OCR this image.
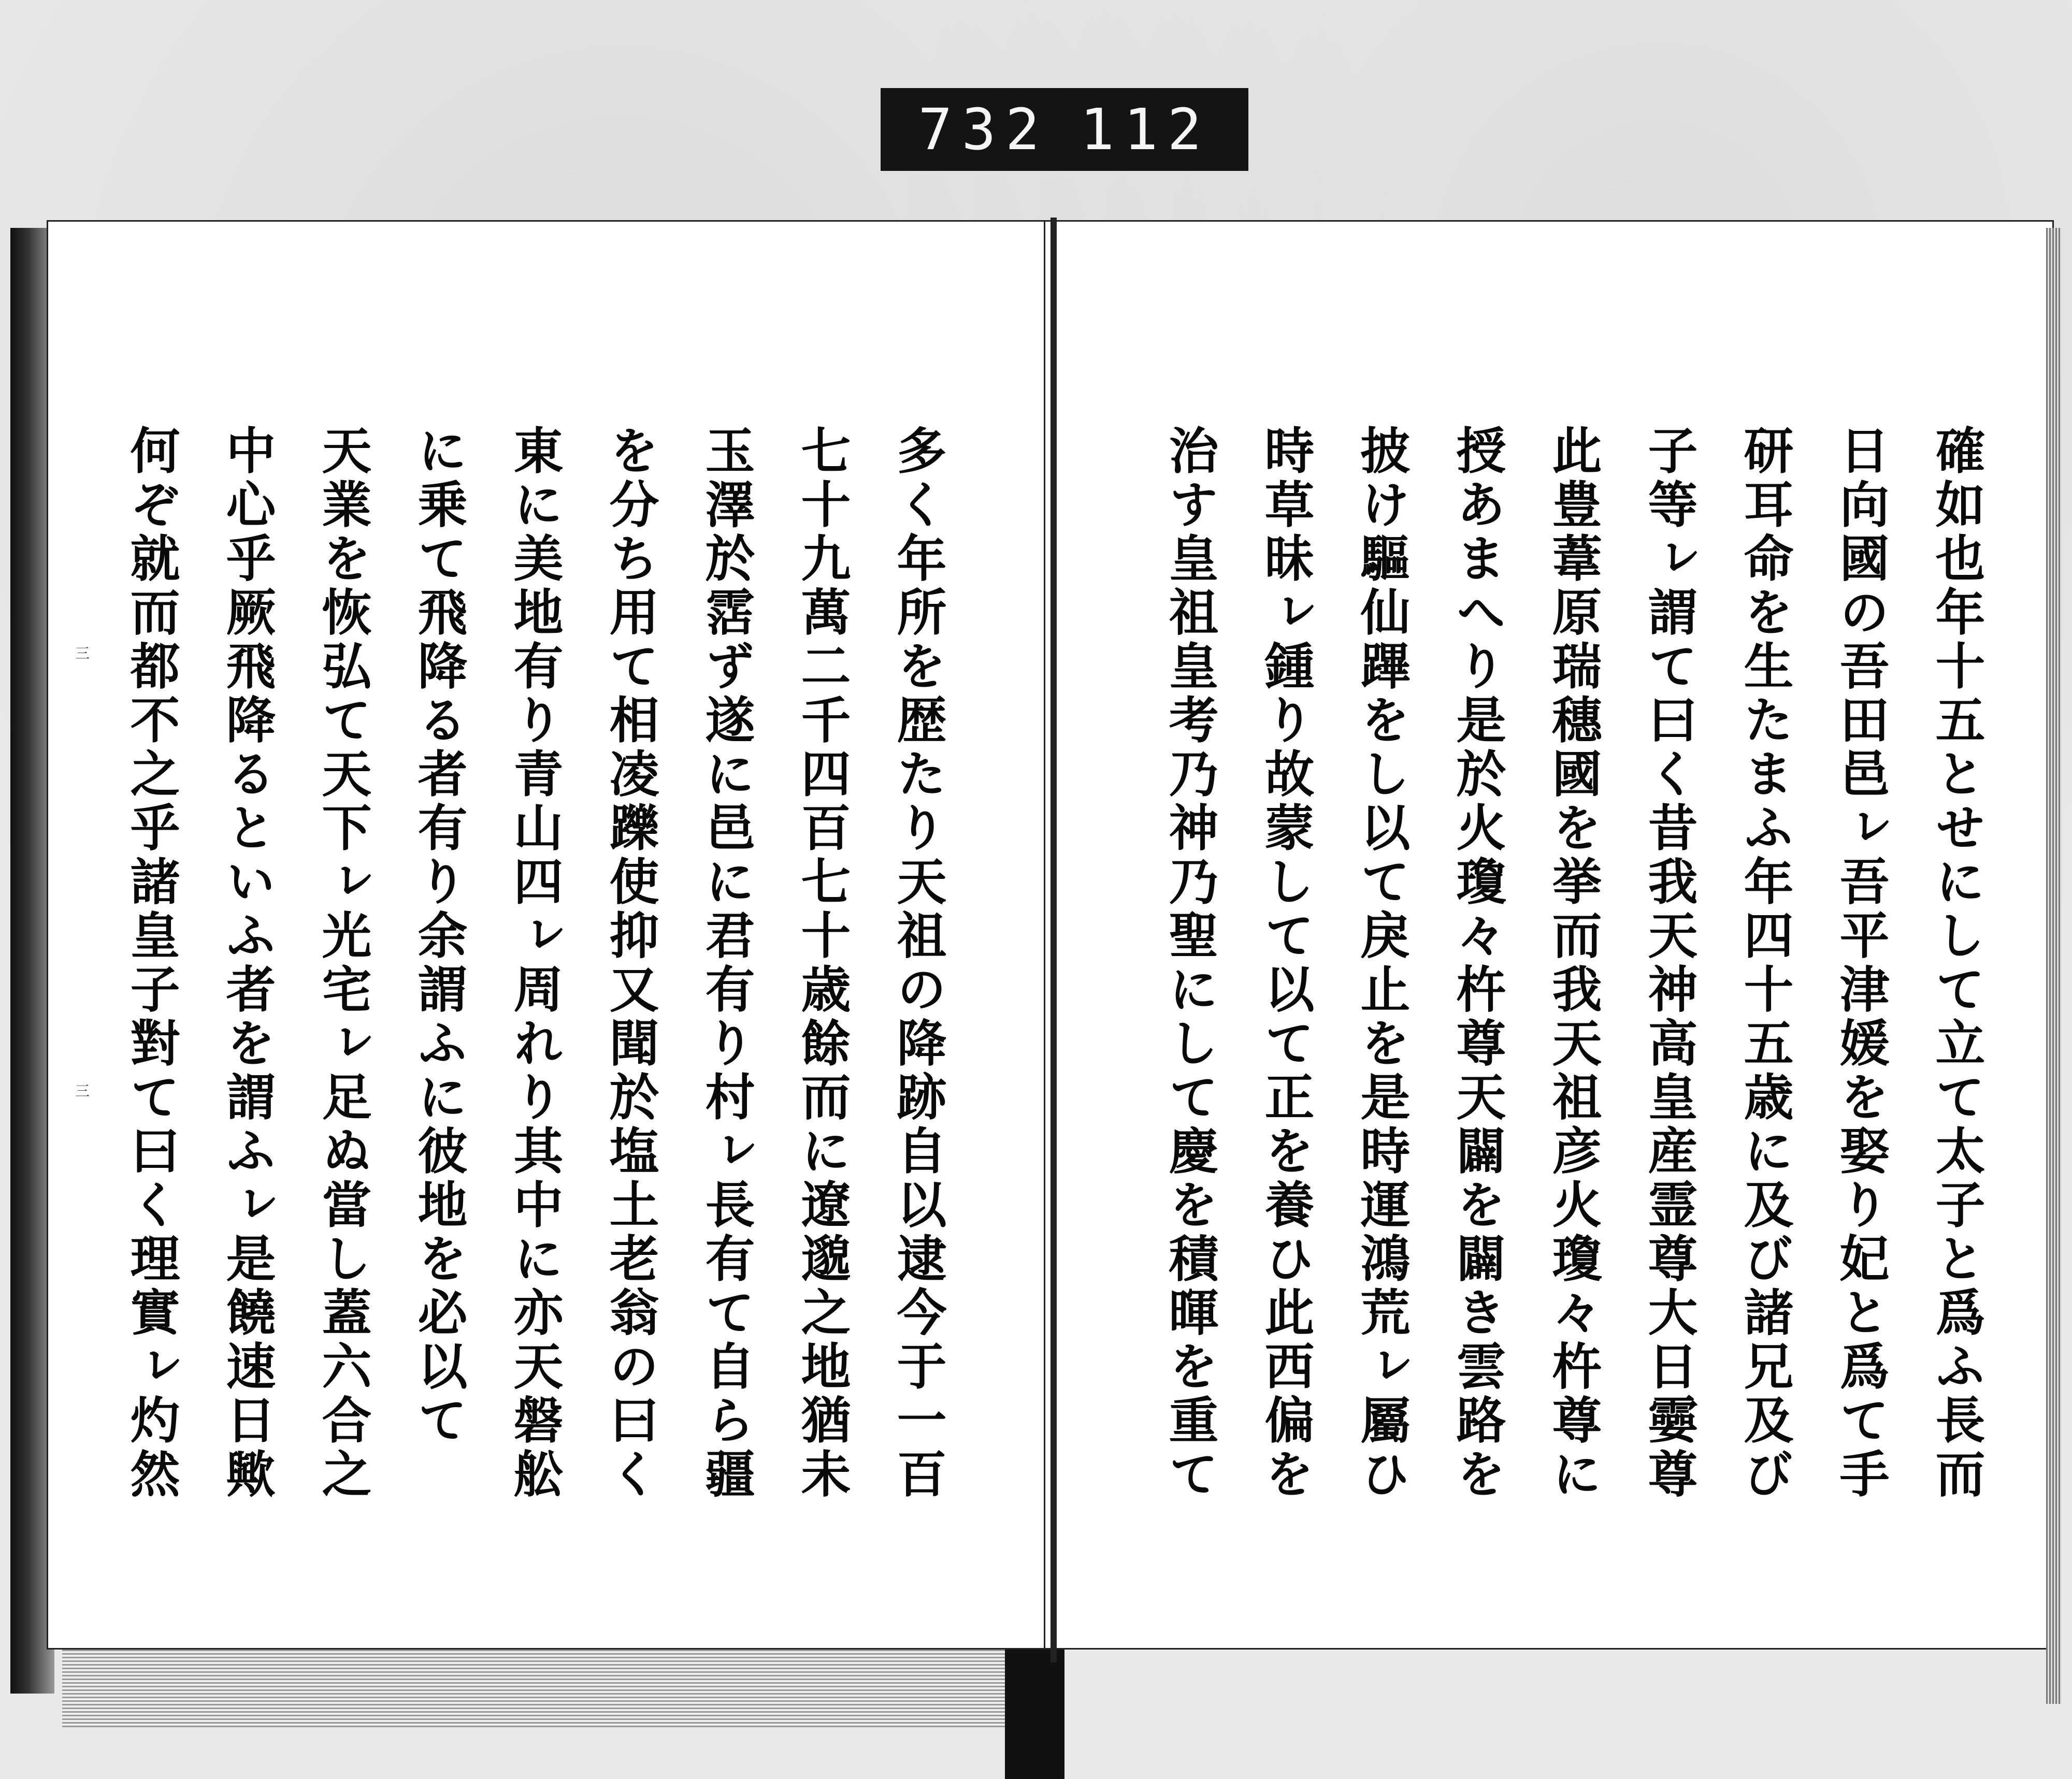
732 112
三
三	確如也年十五とせにして立て太子と爲ふ長而

日向國の吾田邑ㇾ吾平津媛を娶り妃と爲て手

研耳命を生たまふ年四十五歳に及び諸兄及び

子等ㇾ謂て曰く昔我天神高皇産霊尊大日孁尊

此豊葦原瑞穗國を挙而我天祖彦火瓊々杵尊に

授あまへり是於火瓊々杵尊天闢を闢き雲路を

披け驅仙蹕をし以て戾止を是時運鴻荒ㇾ屬ひ

時草昧ㇾ鍾り故蒙して以て正を養ひ此西偏を

治す皇祖皇考乃神乃聖にして慶を積暉を重て

多く年所を歴たり天祖の降跡自以逮今于一百

七十九萬二千四百七十歳餘而に遼邈之地猶未

玉澤於霑ず遂に邑に君有り村ㇾ長有て自ら疆

を分ち用て相凌躒使抑又聞於塩土老翁の曰く

東に美地有り青山四ㇾ周れり其中に亦天磐舩

に乗て飛降る者有り余謂ふに彼地を必以て

天業を恢弘て天下ㇾ光宅ㇾ足ぬ當し蓋六合之

中心乎厥飛降るといふ者を謂ふㇾ是饒速日歟

何ぞ就而都不之乎諸皇子對て曰く理實ㇾ灼然
